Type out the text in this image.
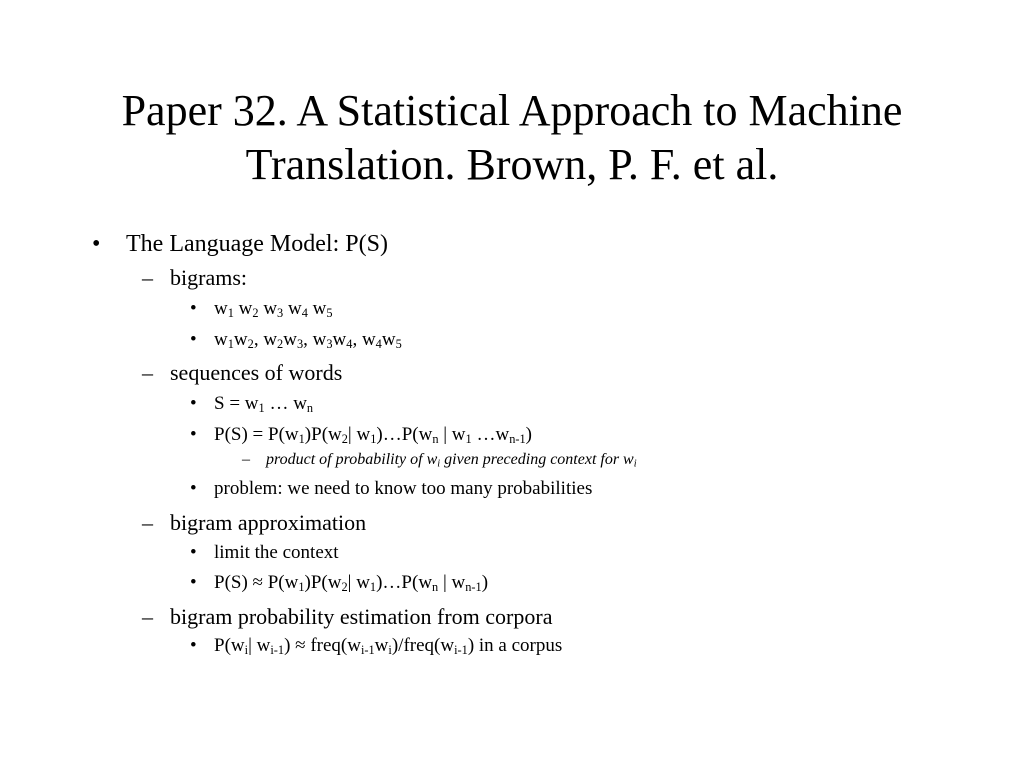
Paper 32. A Statistical Approach to Machine
Translation. Brown, P. F. et al.
• The Language Model: P(S)
– bigrams:
• $w_1$ $w_2$ $w_3$ $w_4$ $w_5$
• $w_1w_2$, $w_2w_3$, $w_3w_4$, $w_4w_5$
– sequences of words
• $S = w_1$ … $w_n$
• $P(S) = P(w_1)P(w_2|$ $w_1)\dots P(w_n$ | $w_1$ $\dots w_{n-1}$)
– product of probability of $w_i$ given preceding context for $w_i$
• problem: we need to know too many probabilities
– bigram approximation
• limit the context
• $P(S) \approx P(w_1)P(w_2|$ $w_1)\dots P(w_n$ | $w_{n-1}$)
– bigram probability estimation from corpora
• $P(w_i|$ $w_{i-1}$) ≈ $freq(w_{i-1}w_i)/freq(w_{i-1})$ in a corpus
